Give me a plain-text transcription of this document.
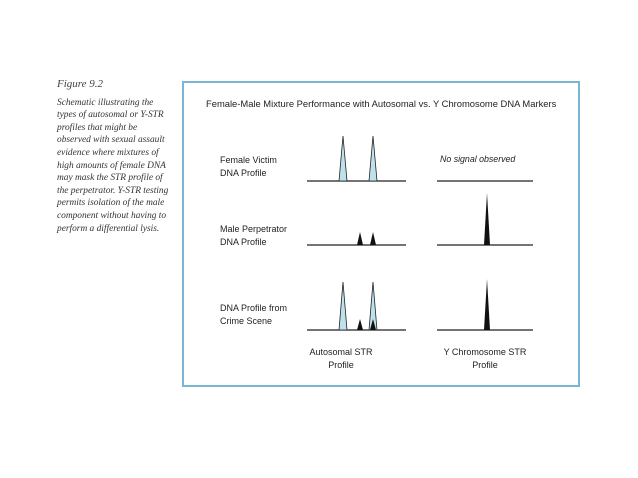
Figure 9.2
Schematic illustrating the types of autosomal or Y-STR profiles that might be observed with sexual assault evidence where mixtures of high amounts of female DNA may mask the STR profile of the perpetrator. Y-STR testing permits isolation of the male component without having to perform a differential lysis.
Female-Male Mixture Performance with Autosomal vs. Y Chromosome DNA Markers
Female Victim
DNA Profile
Male Perpetrator
DNA Profile
DNA Profile from
Crime Scene
No signal observed
Autosomal STR
Profile
Y Chromosome STR
Profile
